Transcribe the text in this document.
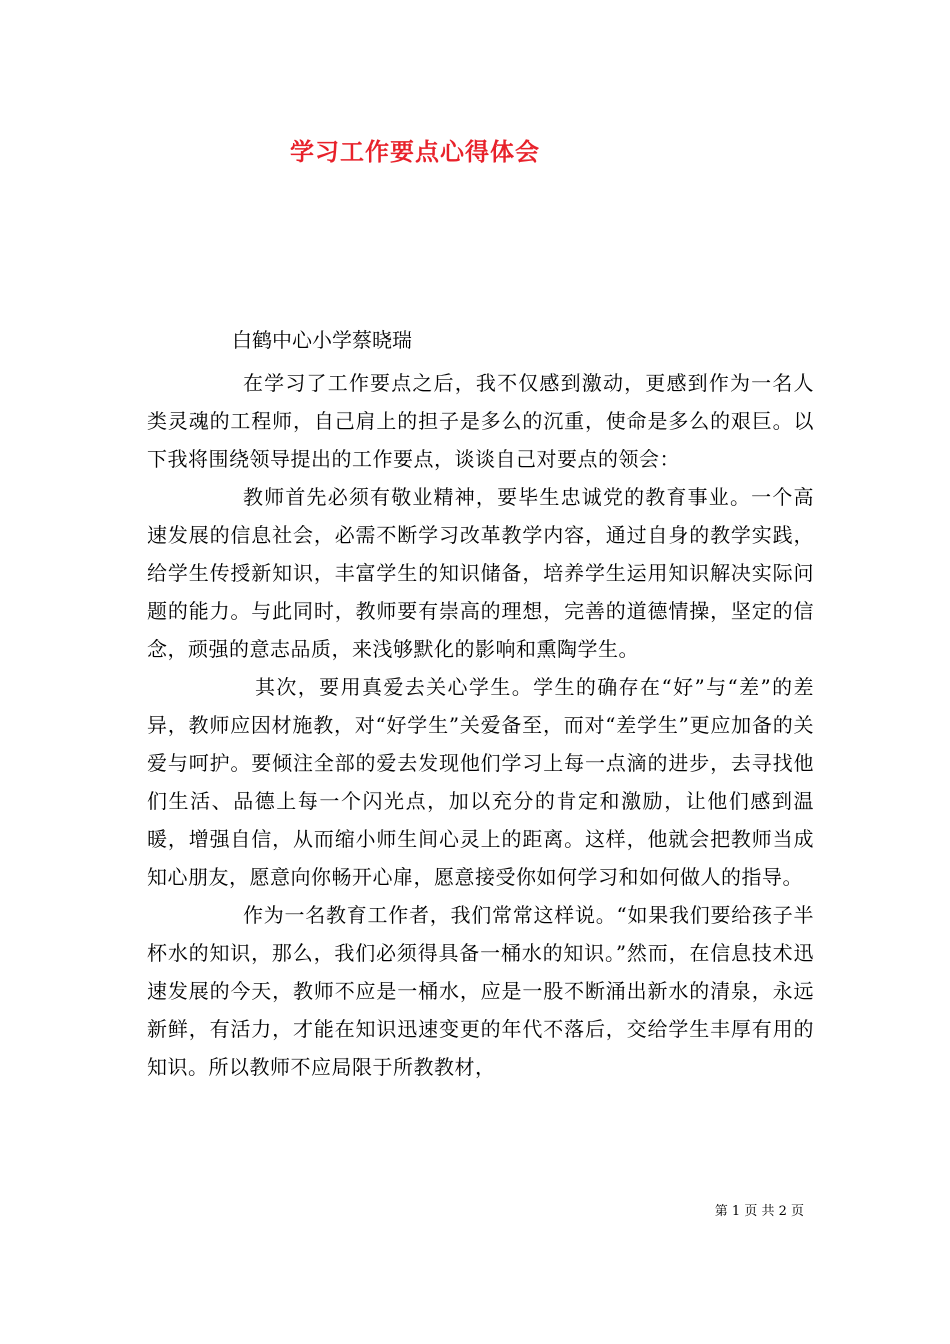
学习工作要点心得体会
白鹤中心小学蔡晓瑞

在学习了工作要点之后，我不仅感到激动，更感到作为一名人类灵魂的工程师，自己肩上的担子是多么的沉重，使命是多么的艰巨。以下我将围绕领导提出的工作要点，谈谈自己对要点的领会：

教师首先必须有敬业精神，要毕生忠诚党的教育事业。一个高速发展的信息社会，必需不断学习改革教学内容，通过自身的教学实践，给学生传授新知识，丰富学生的知识储备，培养学生运用知识解决实际问题的能力。与此同时，教师要有崇高的理想，完善的道德情操，坚定的信念，顽强的意志品质，来浅够默化的影响和熏陶学生。

其次，要用真爱去关心学生。学生的确存在“好”与“差”的差异，教师应因材施教，对“好学生”关爱备至，而对“差学生”更应加备的关爱与呵护。要倾注全部的爱去发现他们学习上每一点滴的进步，去寻找他们生活、品德上每一个闪光点，加以充分的肯定和激励，让他们感到温暖，增强自信，从而缩小师生间心灵上的距离。这样，他就会把教师当成知心朋友，愿意向你畅开心扉，愿意接受你如何学习和如何做人的指导。

作为一名教育工作者，我们常常这样说。“如果我们要给孩子半杯水的知识，那么，我们必须得具备一桶水的知识。”然而，在信息技术迅速发展的今天，教师不应是一桶水，应是一股不断涌出新水的清泉，永远新鲜，有活力，才能在知识迅速变更的年代不落后，交给学生丰厚有用的知识。所以教师不应局限于所教教材，

第 1 页 共 2 页
